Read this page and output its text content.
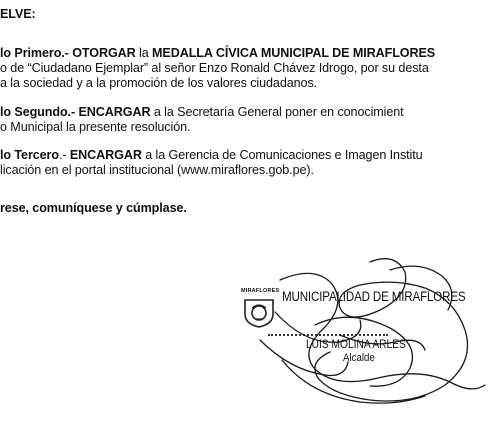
ELVE:
lo Primero.- OTORGAR la MEDALLA CÍVICA MUNICIPAL DE MIRAFLORES
o de “Ciudadano Ejemplar” al señor Enzo Ronald Chávez Idrogo, por su desta
a la sociedad y a la promoción de los valores ciudadanos.
lo Segundo.- ENCARGAR a la Secretaría General poner en conocimient
o Municipal la presente resolución.
lo Tercero.- ENCARGAR a la Gerencia de Comunicaciones e Imagen Institu
licación en el portal institucional (www.miraflores.gob.pe).
rese, comuníquese y cúmplase.
MIRAFLORES MUNICIPALIDAD DE MIRAFLORES
LUIS MOLINA ARLES
Alcalde
